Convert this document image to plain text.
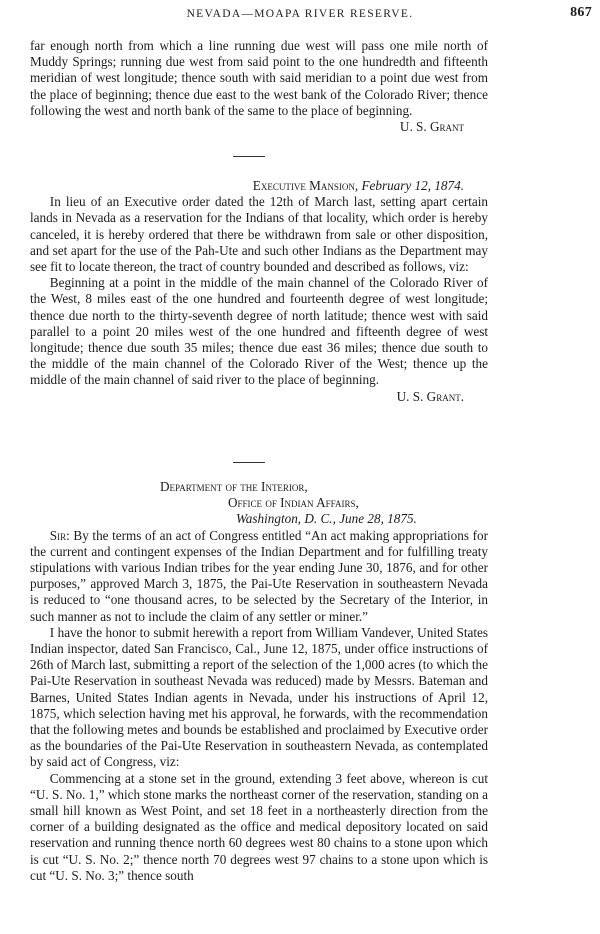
NEVADA—MOAPA RIVER RESERVE.	867

far enough north from which a line running due west will pass one mile north of Muddy Springs; running due west from said point to the one hundredth and fifteenth meridian of west longitude; thence south with said meridian to a point due west from the place of beginning; thence due east to the west bank of the Colorado River; thence following the west and north bank of the same to the place of beginning.

U. S. Grant

Executive Mansion, February 12, 1874.

In lieu of an Executive order dated the 12th of March last, setting apart certain lands in Nevada as a reservation for the Indians of that locality, which order is hereby canceled, it is hereby ordered that there be withdrawn from sale or other disposition, and set apart for the use of the Pah-Ute and such other Indians as the Department may see fit to locate thereon, the tract of country bounded and described as follows, viz:

Beginning at a point in the middle of the main channel of the Colorado River of the West, 8 miles east of the one hundred and fourteenth degree of west longitude; thence due north to the thirty-seventh degree of north latitude; thence west with said parallel to a point 20 miles west of the one hundred and fifteenth degree of west longitude; thence due south 35 miles; thence due east 36 miles; thence due south to the middle of the main channel of the Colorado River of the West; thence up the middle of the main channel of said river to the place of beginning.

U. S. Grant.

Department of the Interior,

Office of Indian Affairs,

Washington, D. C., June 28, 1875.

Sir: By the terms of an act of Congress entitled “An act making appropriations for the current and contingent expenses of the Indian Department and for fulfilling treaty stipulations with various Indian tribes for the year ending June 30, 1876, and for other purposes,” approved March 3, 1875, the Pai-Ute Reservation in southeastern Nevada is reduced to “one thousand acres, to be selected by the Secretary of the Interior, in such manner as not to include the claim of any settler or miner.”

I have the honor to submit herewith a report from William Vandever, United States Indian inspector, dated San Francisco, Cal., June 12, 1875, under office instructions of 26th of March last, submitting a report of the selection of the 1,000 acres (to which the Pai-Ute Reservation in southeast Nevada was reduced) made by Messrs. Bateman and Barnes, United States Indian agents in Nevada, under his instructions of April 12, 1875, which selection having met his approval, he forwards, with the recommendation that the following metes and bounds be established and proclaimed by Executive order as the boundaries of the Pai-Ute Reservation in southeastern Nevada, as contemplated by said act of Congress, viz:

Commencing at a stone set in the ground, extending 3 feet above, whereon is cut “U. S. No. 1,” which stone marks the northeast corner of the reservation, standing on a small hill known as West Point, and set 18 feet in a northeasterly direction from the corner of a building designated as the office and medical depository located on said reservation and running thence north 60 degrees west 80 chains to a stone upon which is cut “U. S. No. 2;” thence north 70 degrees west 97 chains to a stone upon which is cut “U. S. No. 3;” thence south
